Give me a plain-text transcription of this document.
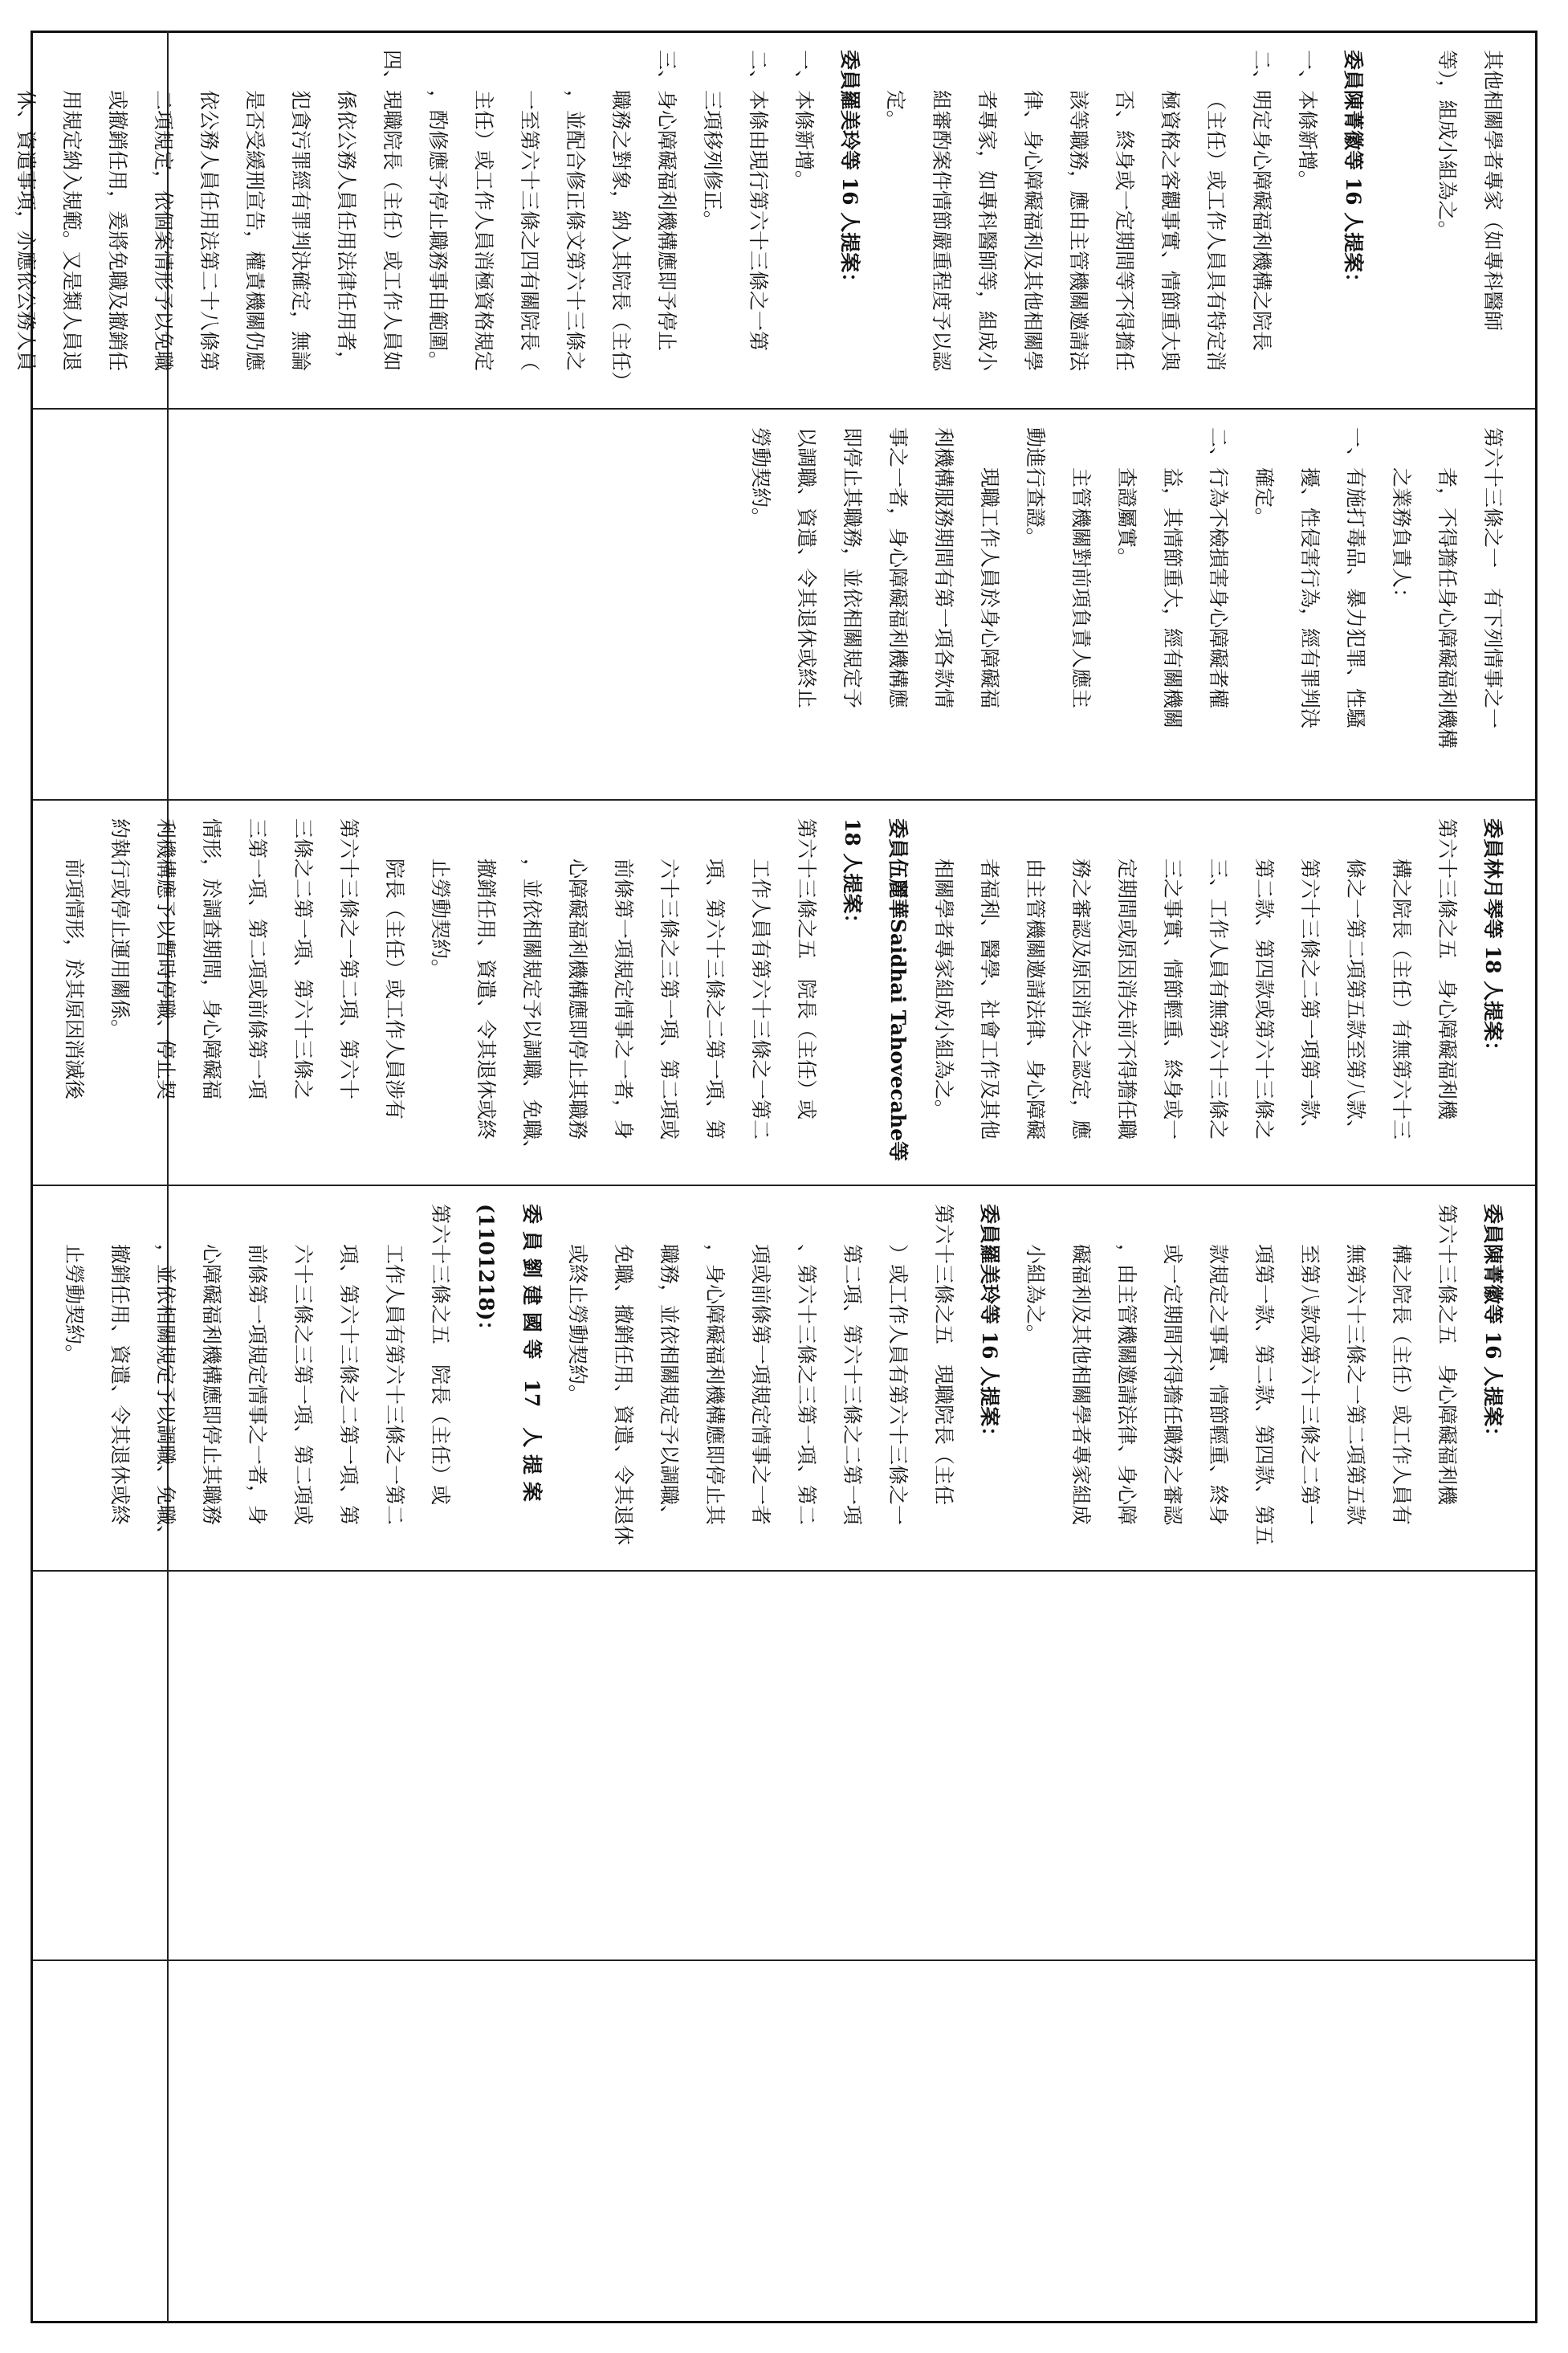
其他相關學者專家（如專科醫師
等），組成小組為之。
委員陳菁徽等 16 人提案：
一、本條新增。
二、明定身心障礙福利機構之院長
（主任）或工作人員具有特定消
極資格之客觀事實、情節重大與
否、終身或一定期間等不得擔任
該等職務，應由主管機關邀請法
律、身心障礙福利及其他相關學
者專家，如專科醫師等，組成小
組審酌案件情節嚴重程度予以認
定。
委員羅美玲等 16 人提案：
一、本條新增。
二、本條由現行第六十三條之一第
三項移列修正。
三、身心障礙福利機構應即予停止
職務之對象，納入其院長（主任）
，並配合修正條文第六十三條之
一至第六十三條之四有關院長（
主任）或工作人員消極資格規定
，酌修應予停止職務事由範圍。
四、現職院長（主任）或工作人員如
係依公務人員任用法律任用者，
犯貪污罪經有罪判決確定，無論
是否受緩刑宣告，權責機關仍應
依公務人員任用法第二十八條第
二項規定，依個案情形予以免職
或撤銷任用，爰將免職及撤銷任
用規定納入規範。又是類人員退
休、資遣事項，亦應依公務人員
第六十三條之一　有下列情事之一
者，不得擔任身心障礙福利機構
之業務負責人：
一、有施打毒品、暴力犯罪、性騷
擾、性侵害行為，經有罪判決
確定。
二、行為不檢損害身心障礙者權
益，其情節重大，經有關機關
查證屬實。
主管機關對前項負責人應主
動進行查證。
現職工作人員於身心障礙福
利機構服務期間有第一項各款情
事之一者，身心障礙福利機構應
即停止其職務，並依相關規定予
以調職、資遣、令其退休或終止
勞動契約。
委員林月琴等 18 人提案：
第六十三條之五　身心障礙福利機
構之院長（主任）有無第六十三
條之一第二項第五款至第八款、
第六十三條之二第一項第一款、
第二款、第四款或第六十三條之
三、工作人員有無第六十三條之
三之事實、情節輕重、終身或一
定期間或原因消失前不得擔任職
務之審認及原因消失之認定，應
由主管機關邀請法律、身心障礙
者福利、醫學、社會工作及其他
相關學者專家組成小組為之。
委員伍麗華Saidhai Tahovecahe等
18 人提案：
第六十三條之五　院長（主任）或
工作人員有第六十三條之一第二
項、第六十三條之二第一項、第
六十三條之三第一項、第二項或
前條第一項規定情事之一者，身
心障礙福利機構應即停止其職務
，並依相關規定予以調職、免職、
撤銷任用、資遣、令其退休或終
止勞動契約。
院長（主任）或工作人員涉有
第六十三條之一第二項、第六十
三條之二第一項、第六十三條之
三第一項、第二項或前條第一項
情形，於調查期間，身心障礙福
利機構應予以暫時停職、停止契
約執行或停止運用關係。
前項情形，於其原因消滅後
委員陳菁徽等 16 人提案：
第六十三條之五　身心障礙福利機
構之院長（主任）或工作人員有
無第六十三條之一第二項第五款
至第八款或第六十三條之二第一
項第一款、第二款、第四款、第五
款規定之事實、情節輕重、終身
或一定期間不得擔任職務之審認
，由主管機關邀請法律、身心障
礙福利及其他相關學者專家組成
小組為之。
委員羅美玲等 16 人提案：
第六十三條之五　現職院長（主任
）或工作人員有第六十三條之一
第二項、第六十三條之二第一項
、第六十三條之三第一項、第二
項或前條第一項規定情事之一者
，身心障礙福利機構應即停止其
職務，並依相關規定予以調職、
免職、撤銷任用、資遣、令其退休
或終止勞動契約。
委 員 劉 建 國 等　17　人 提 案
(1101218)：
第六十三條之五　院長（主任）或
工作人員有第六十三條之一第二
項、第六十三條之二第一項、第
六十三條之三第一項、第二項或
前條第一項規定情事之一者，身
心障礙福利機構應即停止其職務
，並依相關規定予以調職、免職、
撤銷任用、資遣、令其退休或終
止勞動契約。
